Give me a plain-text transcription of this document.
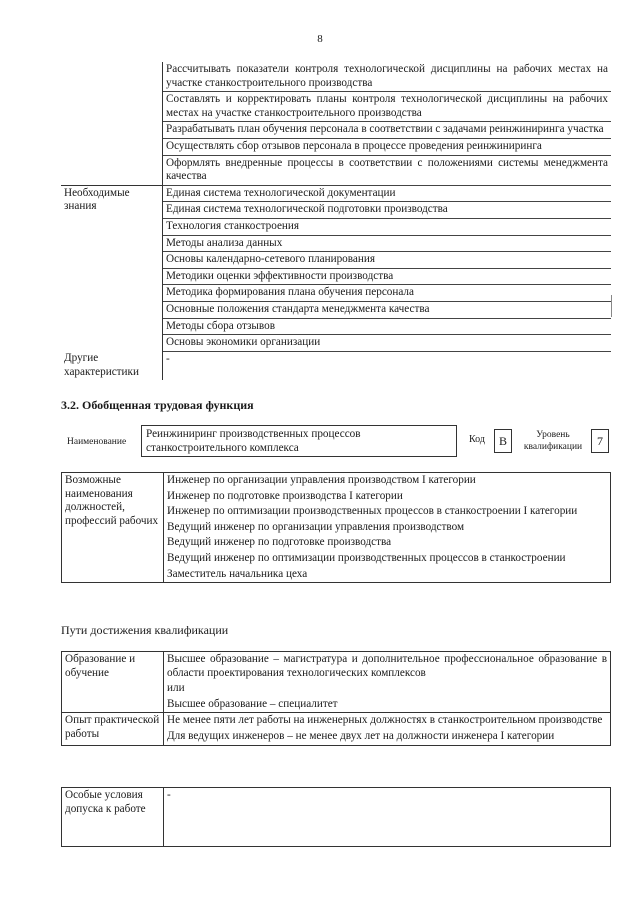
8
	Рассчитывать показатели контроля технологической дисциплины на рабочих местах на участке станкостроительного производства
	Составлять и корректировать планы контроля технологической дисциплины на рабочих местах на участке станкостроительного производства
	Разрабатывать план обучения персонала в соответствии с задачами реинжиниринга участка
	Осуществлять сбор отзывов персонала в процессе проведения реинжиниринга
	Оформлять внедренные процессы в соответствии с положениями системы менеджмента качества
Необходимые знания	Единая система технологической документации
	Единая система технологической подготовки производства
	Технология станкостроения
	Методы анализа данных
	Основы календарно-сетевого планирования
	Методики оценки эффективности производства
	Методика формирования плана обучения персонала
	Основные положения стандарта менеджмента качества
	Методы сбора отзывов
	Основы экономики организации
Другие характеристики	-
3.2. Обобщенная трудовая функция
Наименование
Реинжиниринг производственных процессов станкостроительного комплекса
Код	B	Уровень квалификации	7
Возможные наименования должностей, профессий рабочих	Инженер по организации управления производством I категории
Инженер по подготовке производства I категории
Инженер по оптимизации производственных процессов в станкостроении I категории
Ведущий инженер по организации управления производством
Ведущий инженер по подготовке производства
Ведущий инженер по оптимизации производственных процессов в станкостроении
Заместитель начальника цеха
Пути достижения квалификации
Образование и обучение	Высшее образование – магистратура и дополнительное профессиональное образование в области проектирования технологических комплексов
	или
	Высшее образование – специалитет
Опыт практической работы	Не менее пяти лет работы на инженерных должностях в станкостроительном производстве
	Для ведущих инженеров – не менее двух лет на должности инженера I категории
Особые условия допуска к работе	-
